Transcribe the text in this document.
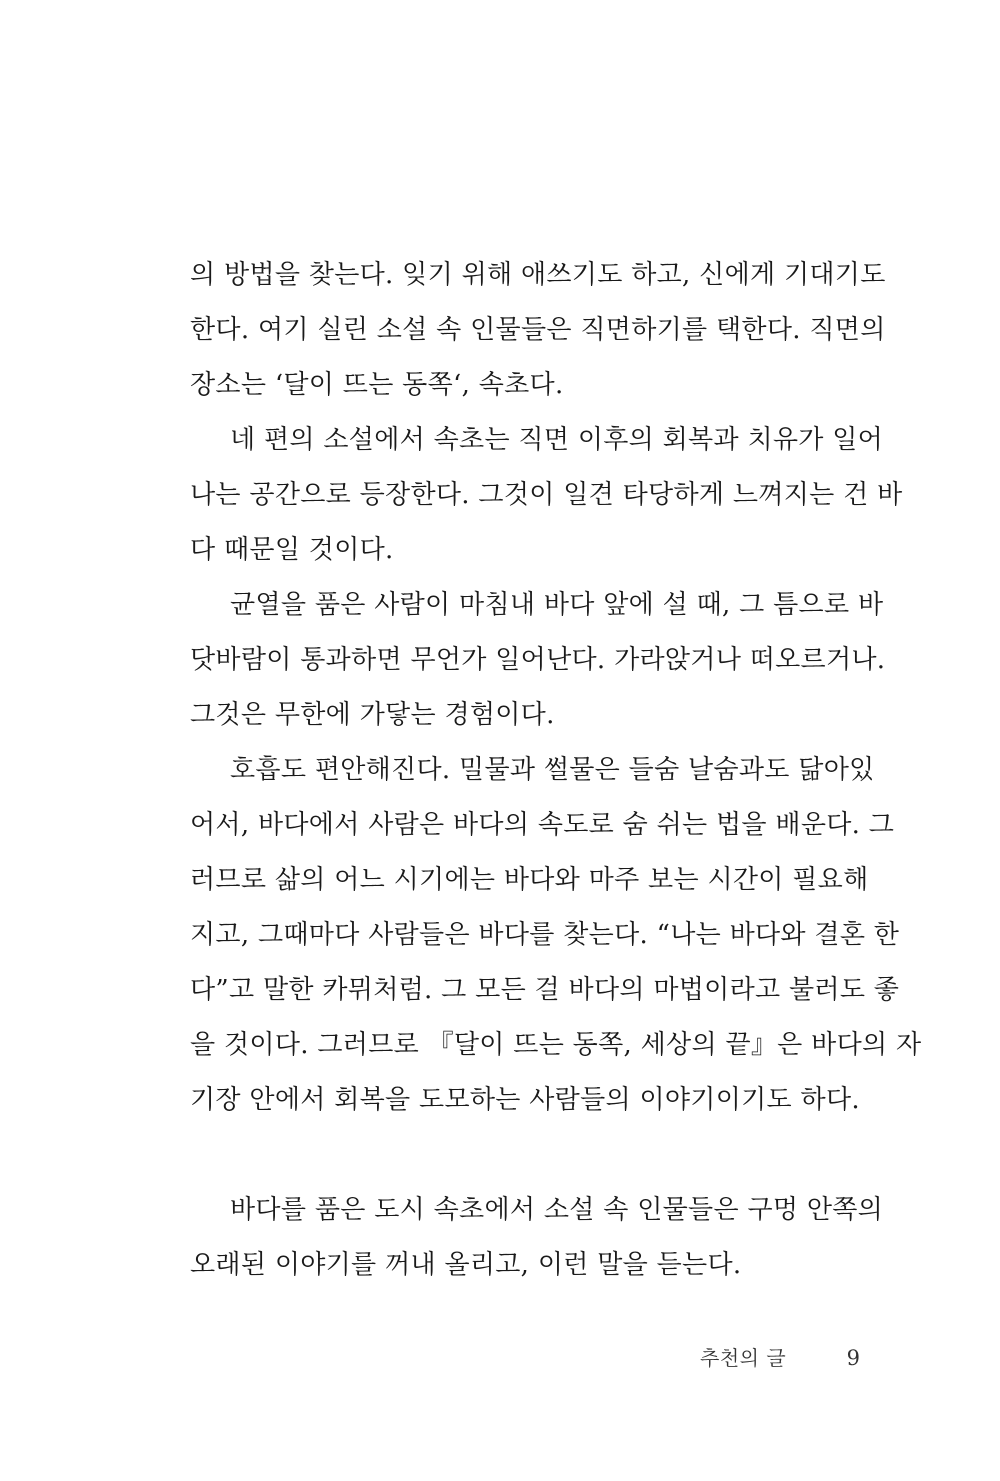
의 방법을 찾는다. 잊기 위해 애쓰기도 하고, 신에게 기대기도
한다. 여기 실린 소설 속 인물들은 직면하기를 택한다. 직면의
장소는 ‘달이 뜨는 동쪽‘, 속초다.
네 편의 소설에서 속초는 직면 이후의 회복과 치유가 일어
나는 공간으로 등장한다. 그것이 일견 타당하게 느껴지는 건 바
다 때문일 것이다.
균열을 품은 사람이 마침내 바다 앞에 설 때, 그 틈으로 바
닷바람이 통과하면 무언가 일어난다. 가라앉거나 떠오르거나.
그것은 무한에 가닿는 경험이다.
호흡도 편안해진다. 밀물과 썰물은 들숨 날숨과도 닮아있
어서, 바다에서 사람은 바다의 속도로 숨 쉬는 법을 배운다. 그
러므로 삶의 어느 시기에는 바다와 마주 보는 시간이 필요해
지고, 그때마다 사람들은 바다를 찾는다. “나는 바다와 결혼 한
다”고 말한 카뮈처럼. 그 모든 걸 바다의 마법이라고 불러도 좋
을 것이다. 그러므로 『달이 뜨는 동쪽, 세상의 끝』은 바다의 자
기장 안에서 회복을 도모하는 사람들의 이야기이기도 하다.
바다를 품은 도시 속초에서 소설 속 인물들은 구멍 안쪽의
오래된 이야기를 꺼내 올리고, 이런 말을 듣는다.
추천의 글	9
